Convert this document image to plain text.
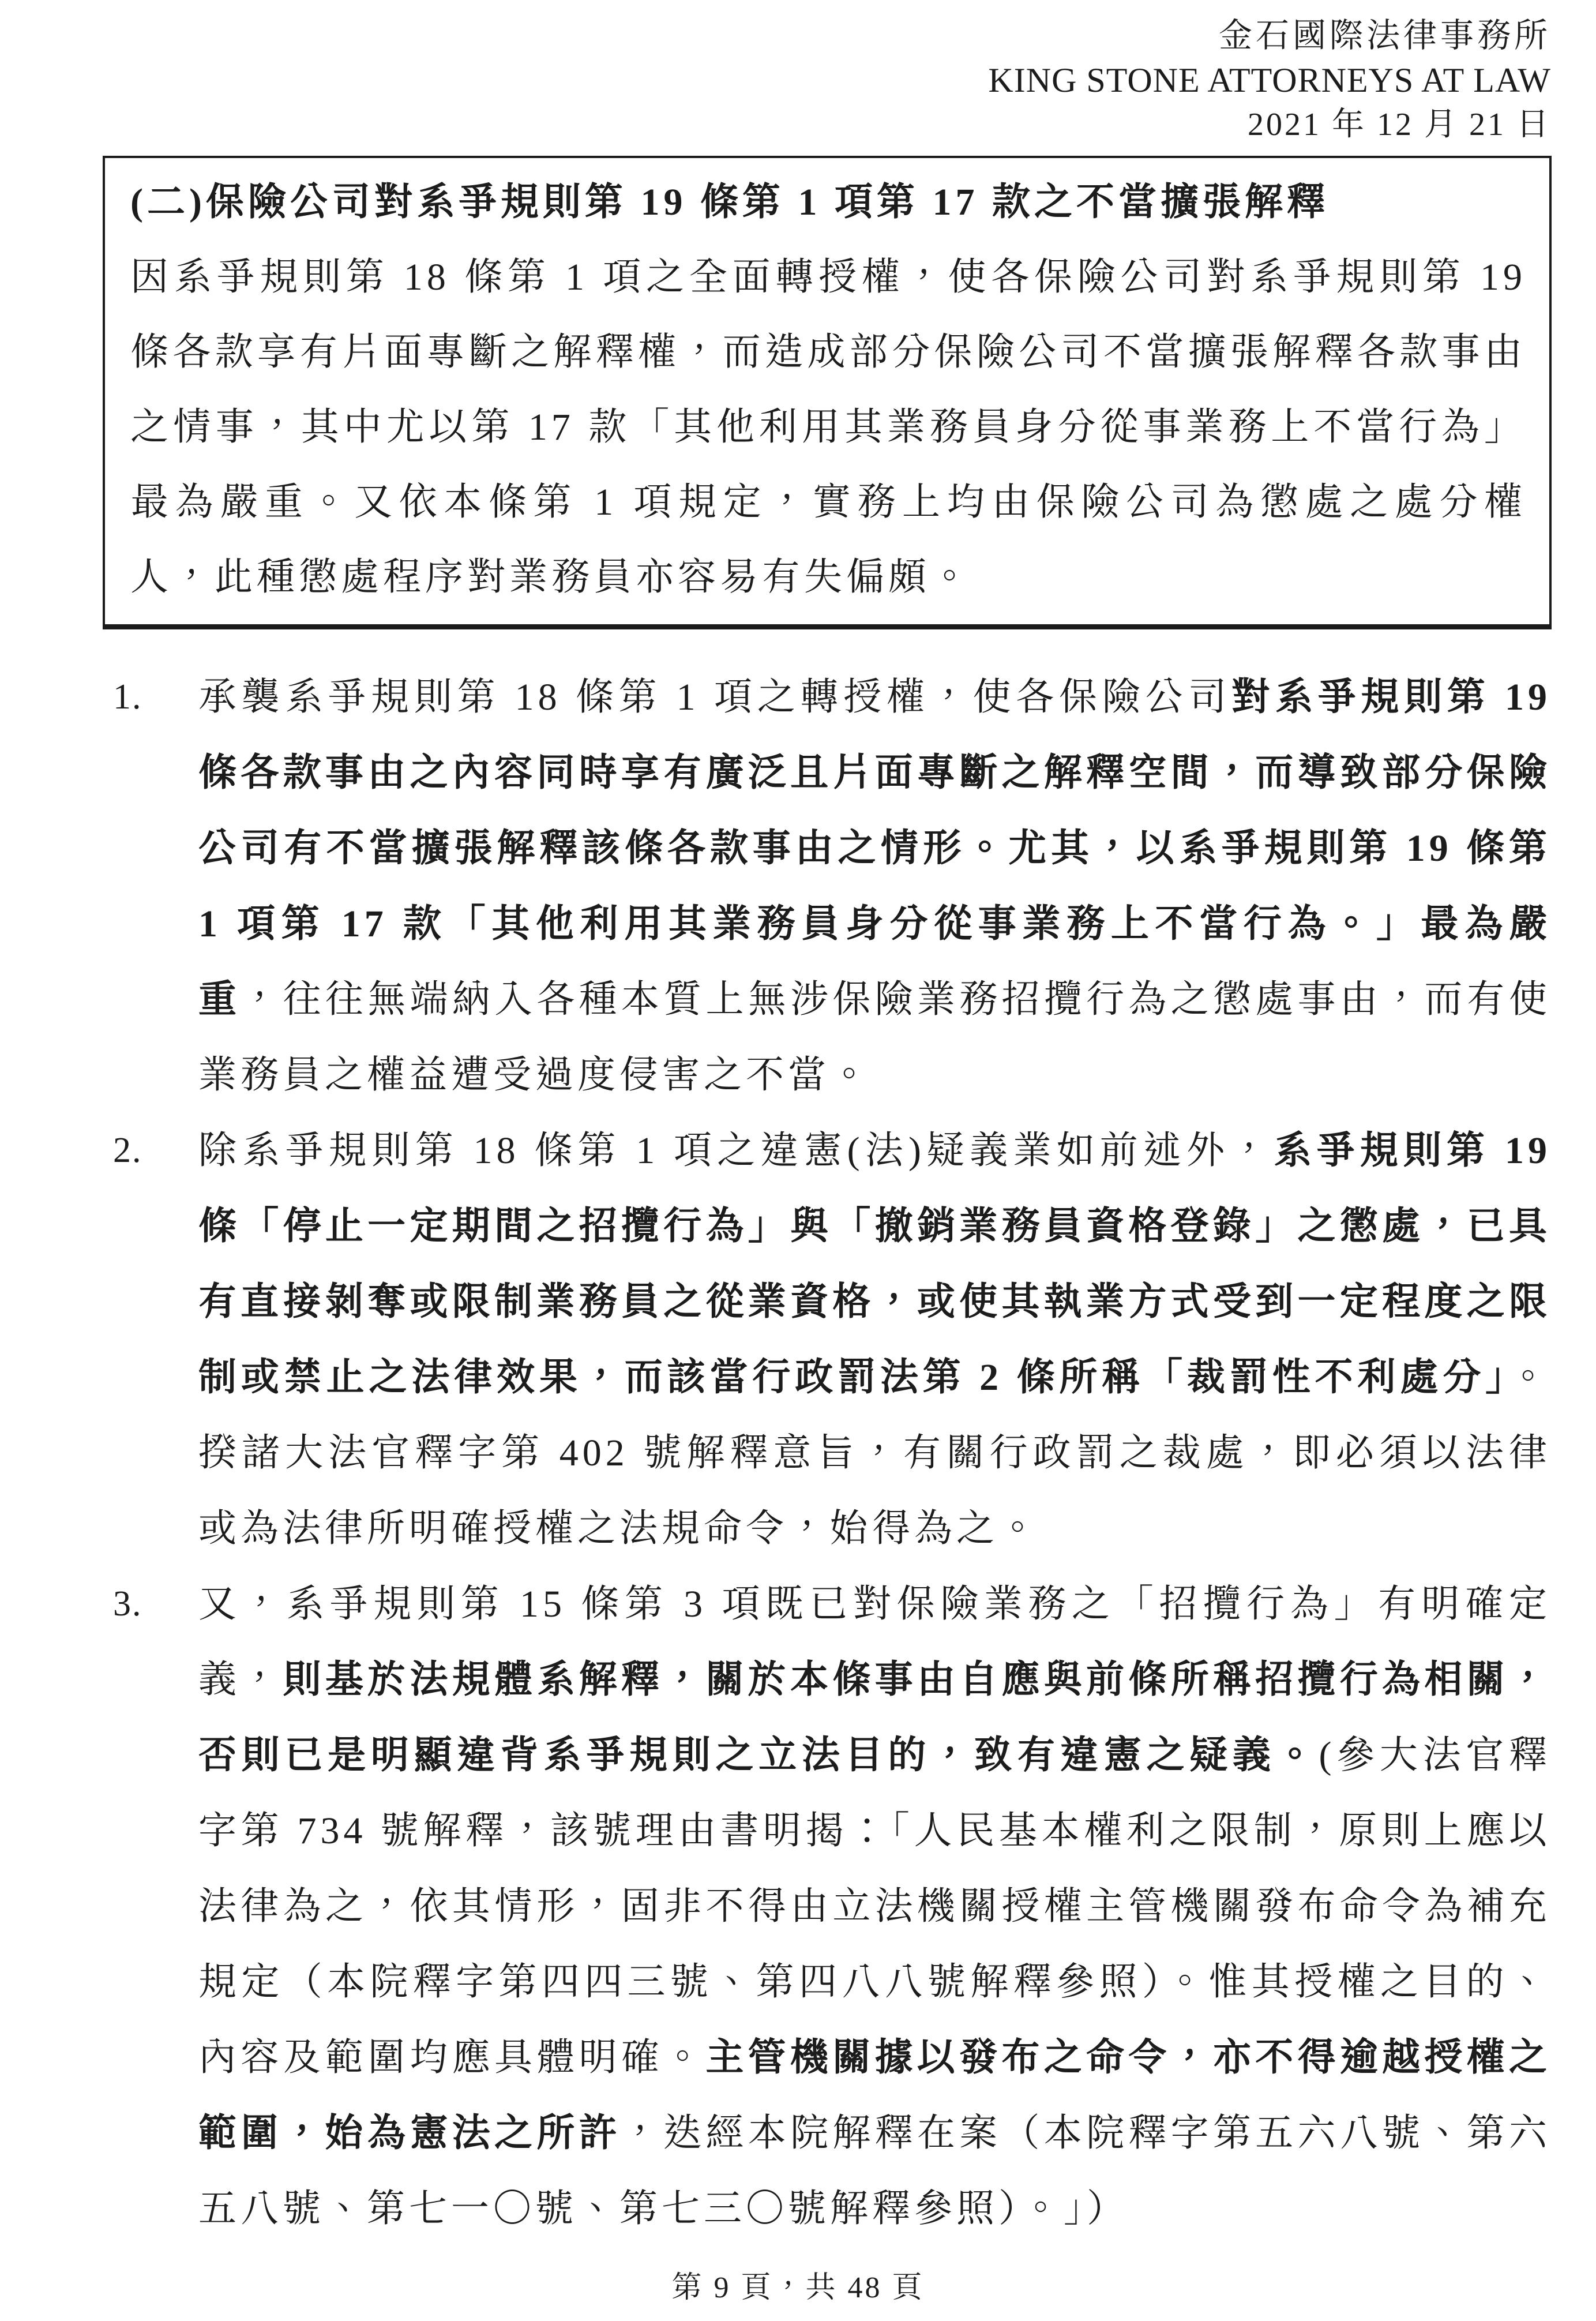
金石國際法律事務所
KING STONE ATTORNEYS AT LAW
2021 年 12 月 21 日
(二)保險公司對系爭規則第 19 條第 1 項第 17 款之不當擴張解釋

因系爭規則第 18 條第 1 項之全面轉授權，使各保險公司對系爭規則第 19 條各款享有片面專斷之解釋權，而造成部分保險公司不當擴張解釋各款事由之情事，其中尤以第 17 款「其他利用其業務員身分從事業務上不當行為」最為嚴重。又依本條第 1 項規定，實務上均由保險公司為懲處之處分權人，此種懲處程序對業務員亦容易有失偏頗。

1.	承襲系爭規則第 18 條第 1 項之轉授權，使各保險公司對系爭規則第 19 條各款事由之內容同時享有廣泛且片面專斷之解釋空間，而導致部分保險公司有不當擴張解釋該條各款事由之情形。尤其，以系爭規則第 19 條第 1 項第 17 款「其他利用其業務員身分從事業務上不當行為。」最為嚴重，往往無端納入各種本質上無涉保險業務招攬行為之懲處事由，而有使業務員之權益遭受過度侵害之不當。

2.	除系爭規則第 18 條第 1 項之違憲(法)疑義業如前述外，系爭規則第 19 條「停止一定期間之招攬行為」與「撤銷業務員資格登錄」之懲處，已具有直接剝奪或限制業務員之從業資格，或使其執業方式受到一定程度之限制或禁止之法律效果，而該當行政罰法第 2 條所稱「裁罰性不利處分」。揆諸大法官釋字第 402 號解釋意旨，有關行政罰之裁處，即必須以法律或為法律所明確授權之法規命令，始得為之。

3.	又，系爭規則第 15 條第 3 項既已對保險業務之「招攬行為」有明確定義，則基於法規體系解釋，關於本條事由自應與前條所稱招攬行為相關，否則已是明顯違背系爭規則之立法目的，致有違憲之疑義。(參大法官釋字第 734 號解釋，該號理由書明揭：「人民基本權利之限制，原則上應以法律為之，依其情形，固非不得由立法機關授權主管機關發布命令為補充規定（本院釋字第四四三號、第四八八號解釋參照）。惟其授權之目的、內容及範圍均應具體明確。主管機關據以發布之命令，亦不得逾越授權之範圍，始為憲法之所許，迭經本院解釋在案（本院釋字第五六八號、第六五八號、第七一〇號、第七三〇號解釋參照）。」）

第 9 頁，共 48 頁
